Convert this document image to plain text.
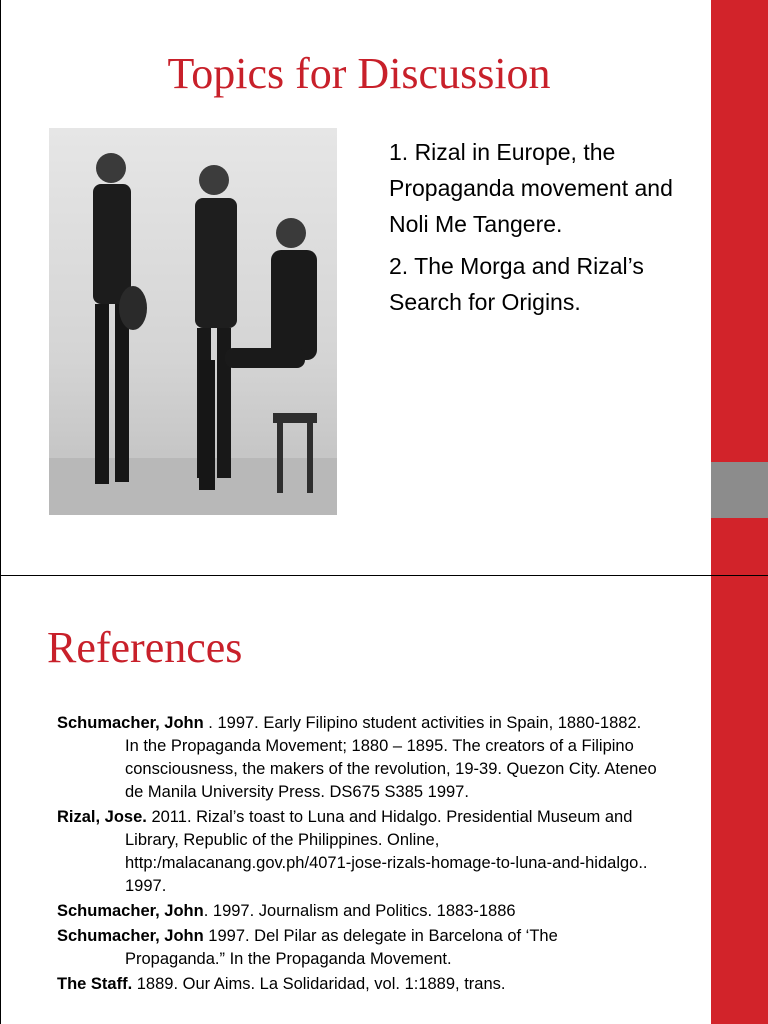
Topics for Discussion

1. Rizal in Europe, the Propaganda movement and Noli Me Tangere.

2. The Morga and Rizal’s Search for Origins.

References

Schumacher, John . 1997. Early Filipino student activities in Spain, 1880-1882. In the Propaganda Movement; 1880 – 1895. The creators of a Filipino consciousness, the makers of the revolution, 19-39. Quezon City. Ateneo de Manila University Press. DS675 S385 1997.

Rizal, Jose. 2011. Rizal’s toast to Luna and Hidalgo. Presidential Museum and Library, Republic of the Philippines. Online, http:/malacanang.gov.ph/4071-jose-rizals-homage-to-luna-and-hidalgo.. 1997.

Schumacher, John. 1997. Journalism and Politics. 1883-1886

Schumacher, John 1997. Del Pilar as delegate in Barcelona of ‘The Propaganda.” In the Propaganda Movement.

The Staff. 1889. Our Aims. La Solidaridad, vol. 1:1889, trans.
